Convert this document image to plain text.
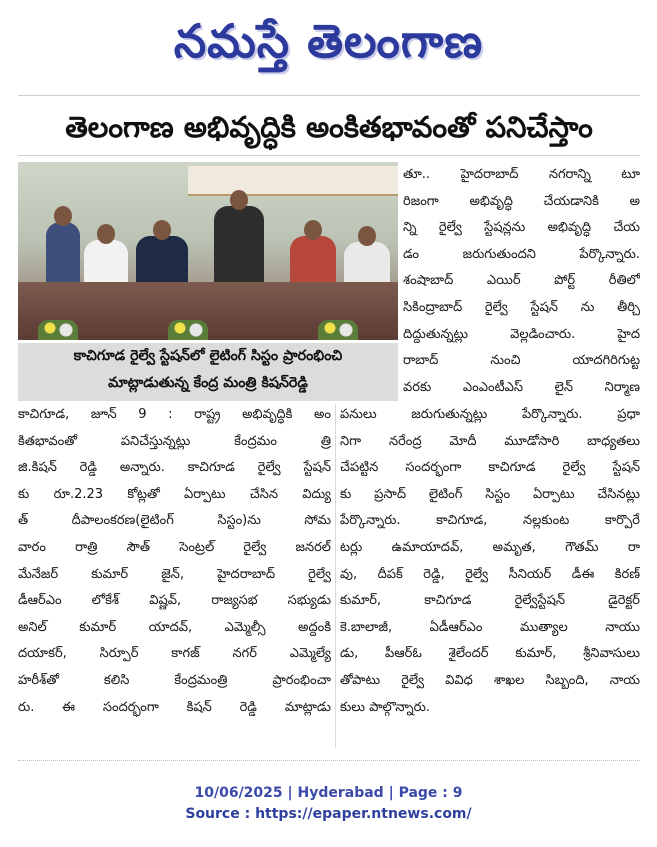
నమస్తే తెలంగాణ
తెలంగాణ అభివృద్ధికి అంకితభావంతో పనిచేస్తాం
కాచిగూడ రైల్వే స్టేషన్‌లో లైటింగ్ సిస్టం ప్రారంభించి
మాట్లాడుతున్న కేంద్ర మంత్రి కిషన్‌రెడ్డి
తూ.. హైదరాబాద్ నగరాన్ని టూ
రిజంగా అభివృద్ధి చేయడానికి అ
న్ని రైల్వే స్టేషన్లను అభివృద్ధి చేయ
డం జరుగుతుందని పేర్కొన్నారు.
శంషాబాద్ ఎయిర్ పోర్ట్ రీతిలో
సికింద్రాబాద్ రైల్వే స్టేషన్ ను తీర్చి
దిద్దుతున్నట్లు వెల్లడించారు. హైద
రాబాద్ నుంచి యాదగిరిగుట్ట
వరకు ఎంఎంటీఎస్ లైన్ నిర్మాణ
కాచిగూడ, జూన్ 9 : రాష్ట్ర అభివృద్ధికి అం
కితభావంతో పనిచేస్తున్నట్లు కేంద్రమం త్రి
జి.కిషన్ రెడ్డి అన్నారు. కాచిగూడ రైల్వే స్టేషన్
కు రూ.2.23 కోట్లతో ఏర్పాటు చేసిన విద్యు
త్ దీపాలంకరణ(లైటింగ్ సిస్టం)ను సోమ
వారం రాత్రి సౌత్ సెంట్రల్ రైల్వే జనరల్
మేనేజర్ కుమార్ జైన్, హైదరాబాద్ రైల్వే
డీఆర్ఎం లోకేశ్ విష్ణవ్, రాజ్యసభ సభ్యుడు
అనిల్ కుమార్ యాదవ్, ఎమ్మెల్సీ అద్దంకి
దయాకర్, సిర్పూర్ కాగజ్ నగర్ ఎమ్మెల్యే
హరీశ్‌తో కలిసి కేంద్రమంత్రి ప్రారంభించా
రు. ఈ సందర్భంగా కిషన్ రెడ్డి మాట్లాడు
పనులు జరుగుతున్నట్లు పేర్కొన్నారు. ప్రధా
నిగా నరేంద్ర మోదీ మూడోసారి బాధ్యతలు
చేపట్టిన సందర్భంగా కాచిగూడ రైల్వే స్టేషన్
కు ప్రసాద్ లైటింగ్ సిస్టం ఏర్పాటు చేసినట్లు
పేర్కొన్నారు. కాచిగూడ, నల్లకుంట కార్పొరే
టర్లు ఉమాయాదవ్, అమృత, గౌతమ్ రా
వు, దీపక్ రెడ్డి, రైల్వే సీనియర్ డీఈ కిరణ్
కుమార్, కాచిగూడ రైల్వేస్టేషన్ డైరెక్టర్
కె.బాలాజీ, ఏడీఆర్ఎం ముత్యాల నాయు
డు, పీఆర్ఓ శైలేందర్ కుమార్, శ్రీనివాసులు
తోపాటు రైల్వే వివిధ శాఖల సిబ్బంది, నాయ
కులు పాల్గొన్నారు.
10/06/2025 | Hyderabad | Page : 9
Source : https://epaper.ntnews.com/
